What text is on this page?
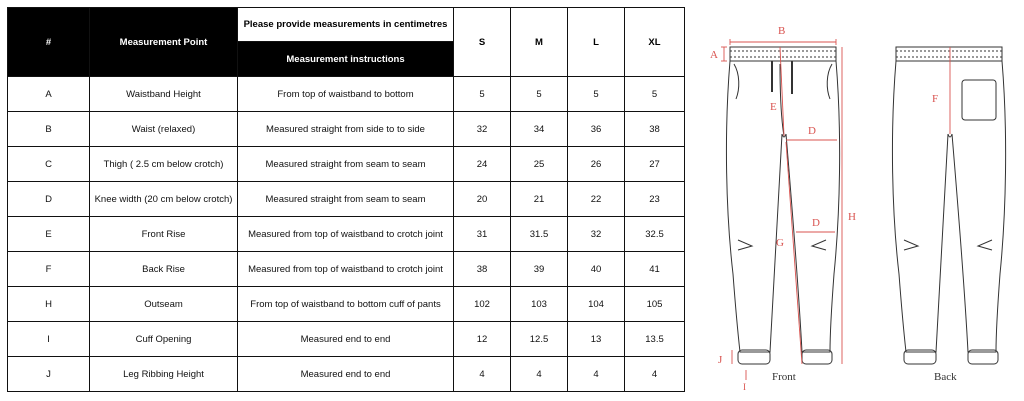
#	Measurement Point	Please provide measurements in centimetres	S	M	L	XL
		Measurement instructions				
A	Waistband Height	From top of waistband to bottom	5	5	5	5
B	Waist (relaxed)	Measured straight from side to to side	32	34	36	38
C	Thigh ( 2.5 cm below crotch)	Measured straight from seam to seam	24	25	26	27
D	Knee width (20 cm below crotch)	Measured straight from seam to seam	20	21	22	23
E	Front Rise	Measured from top of waistband to crotch joint	31	31.5	32	32.5
F	Back Rise	Measured from top of waistband to crotch joint	38	39	40	41
H	Outseam	From top of waistband to bottom cuff of pants	102	103	104	105
I	Cuff Opening	Measured end to end	12	12.5	13	13.5
J	Leg Ribbing Height	Measured end to end	4	4	4	4
B
A
E
D
D
G
H
F
J
I
Front	Back
